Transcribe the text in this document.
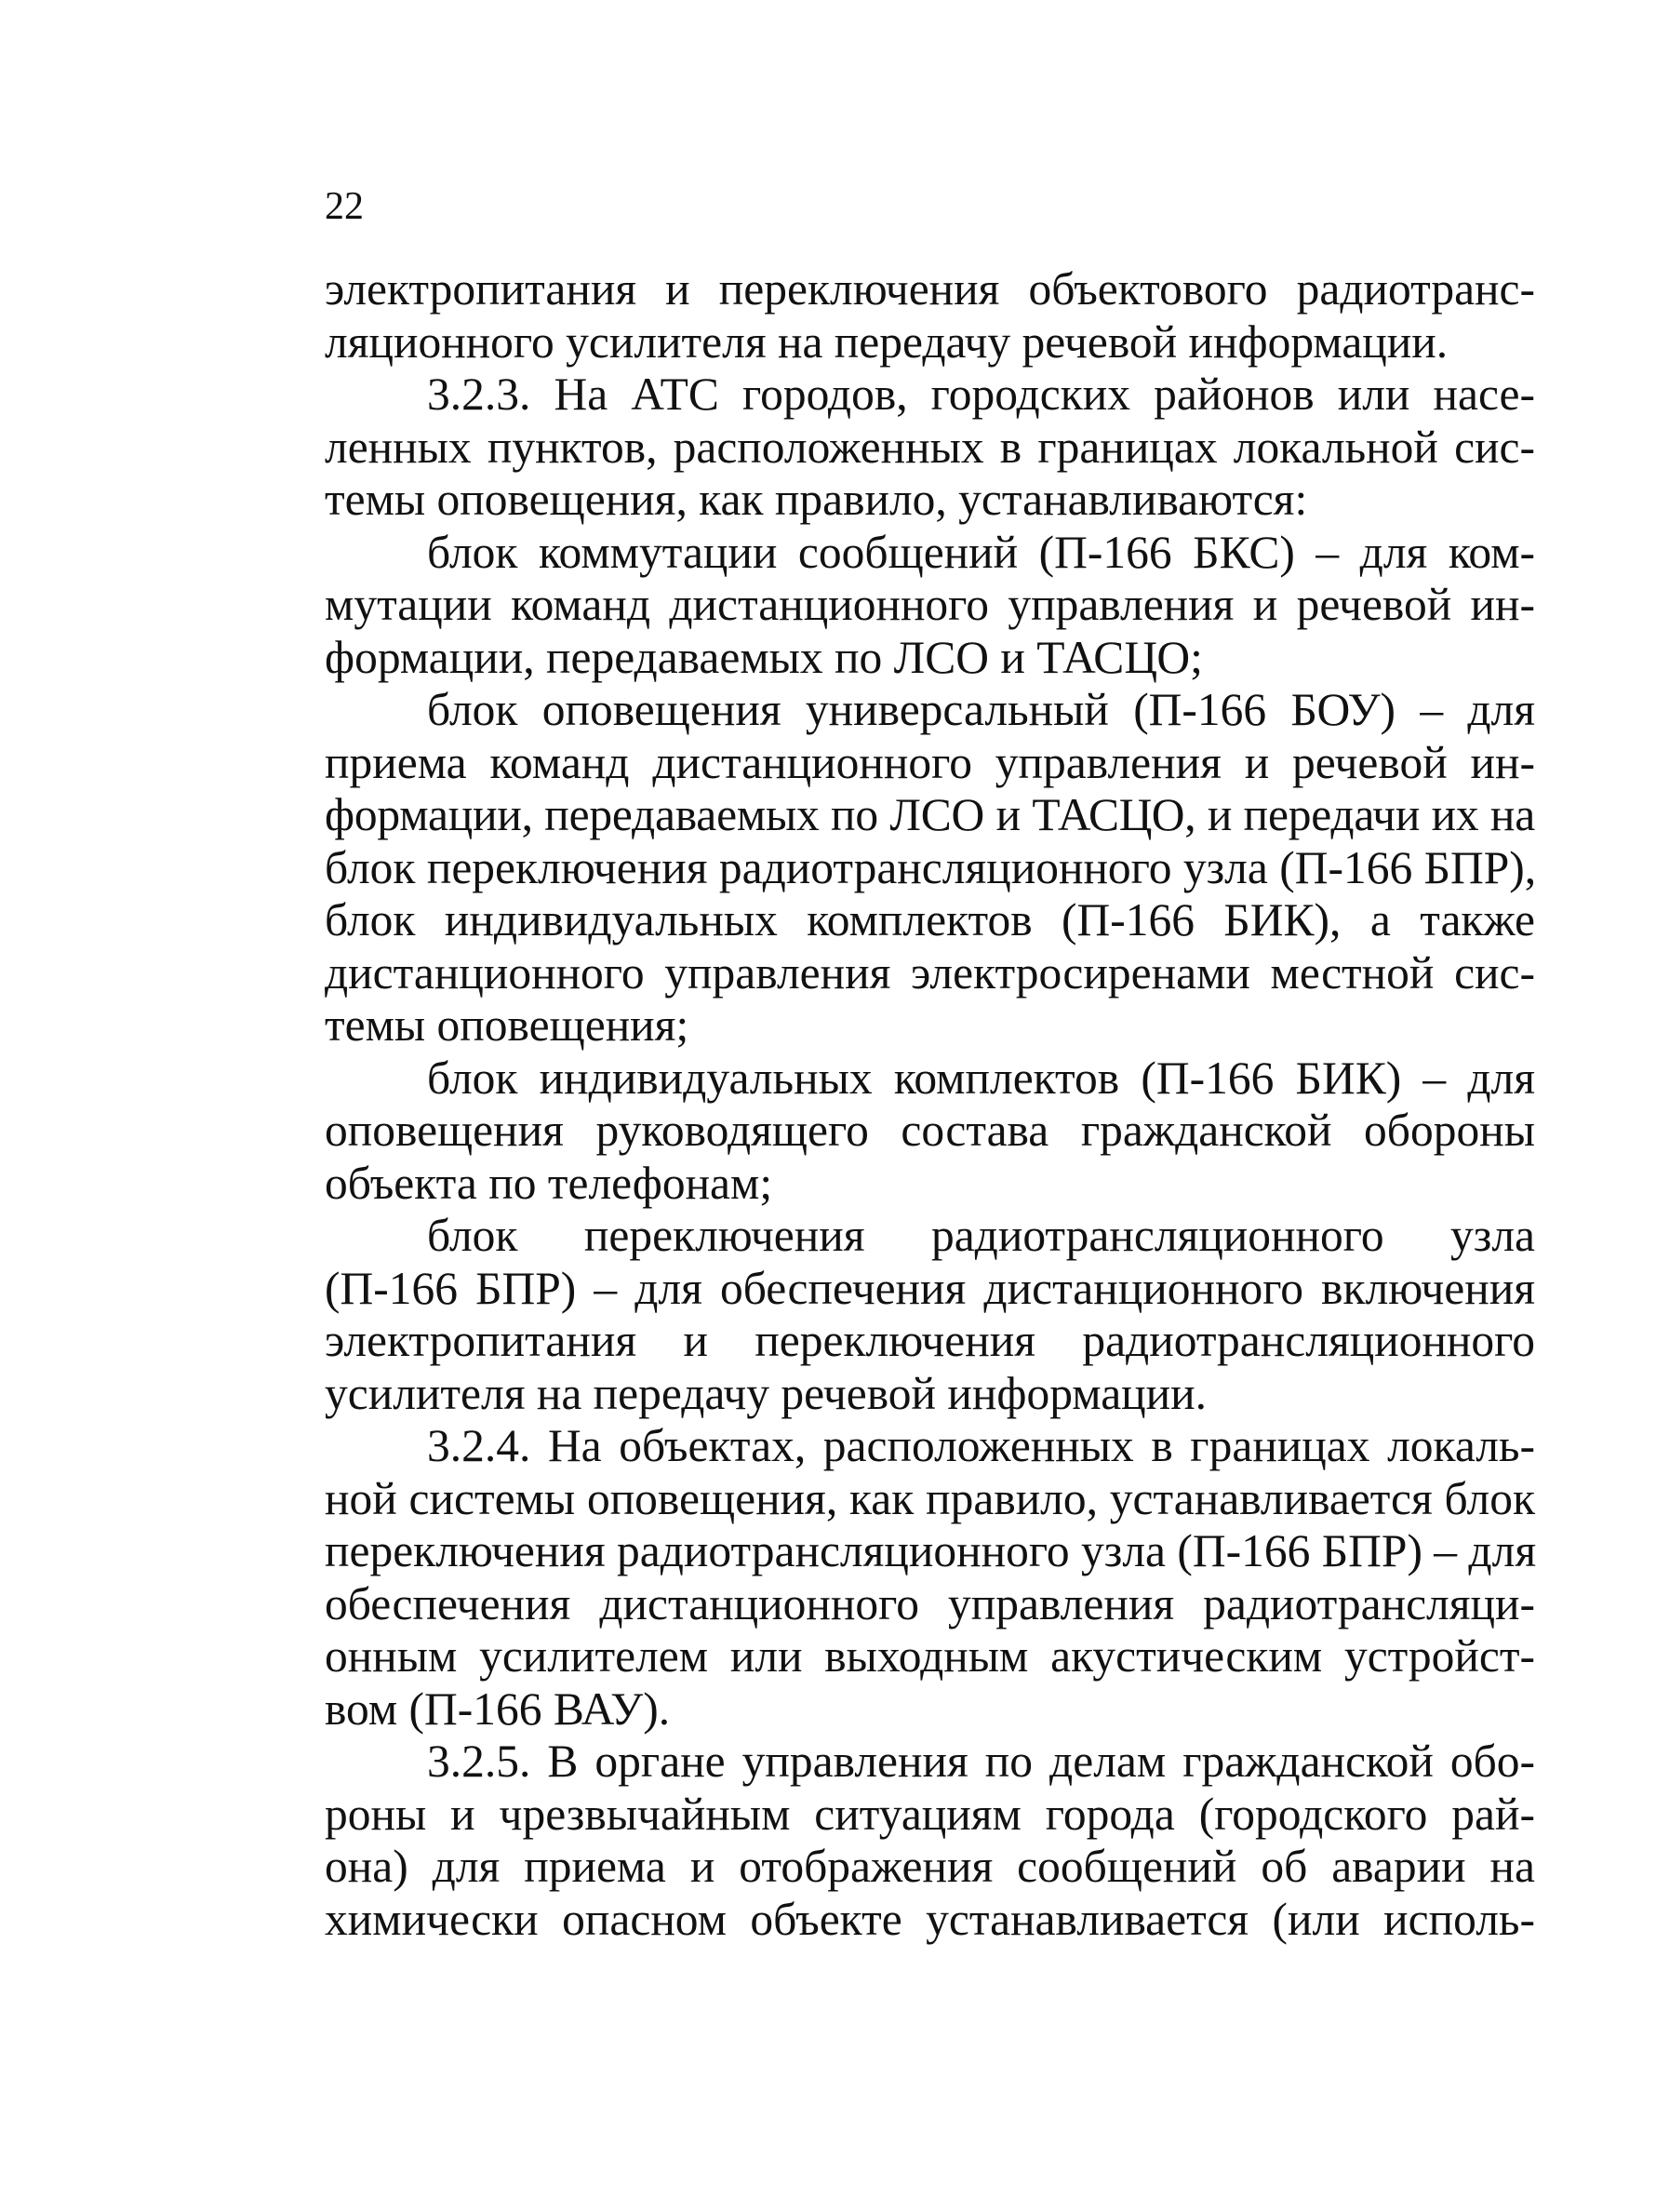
22
электропитания и переключения объектового радиотранс-
ляционного усилителя на передачу речевой информации.
3.2.3. На АТС городов, городских районов или насе-
ленных пунктов, расположенных в границах локальной сис-
темы оповещения, как правило, устанавливаются:
блок коммутации сообщений (П-166 БКС) – для ком-
мутации команд дистанционного управления и речевой ин-
формации, передаваемых по ЛСО и ТАСЦО;
блок оповещения универсальный (П-166 БОУ) – для
приема команд дистанционного управления и речевой ин-
формации, передаваемых по ЛСО и ТАСЦО, и передачи их на
блок переключения радиотрансляционного узла (П-166 БПР),
блок индивидуальных комплектов (П-166 БИК), а также
дистанционного управления электросиренами местной сис-
темы оповещения;
блок индивидуальных комплектов (П-166 БИК) – для
оповещения руководящего состава гражданской обороны
объекта по телефонам;
блок переключения радиотрансляционного узла
(П-166 БПР) – для обеспечения дистанционного включения
электропитания и переключения радиотрансляционного
усилителя на передачу речевой информации.
3.2.4. На объектах, расположенных в границах локаль-
ной системы оповещения, как правило, устанавливается блок
переключения радиотрансляционного узла (П-166 БПР) – для
обеспечения дистанционного управления радиотрансляци-
онным усилителем или выходным акустическим устройст-
вом (П-166 ВАУ).
3.2.5. В органе управления по делам гражданской обо-
роны и чрезвычайным ситуациям города (городского рай-
она) для приема и отображения сообщений об аварии на
химически опасном объекте устанавливается (или исполь-
